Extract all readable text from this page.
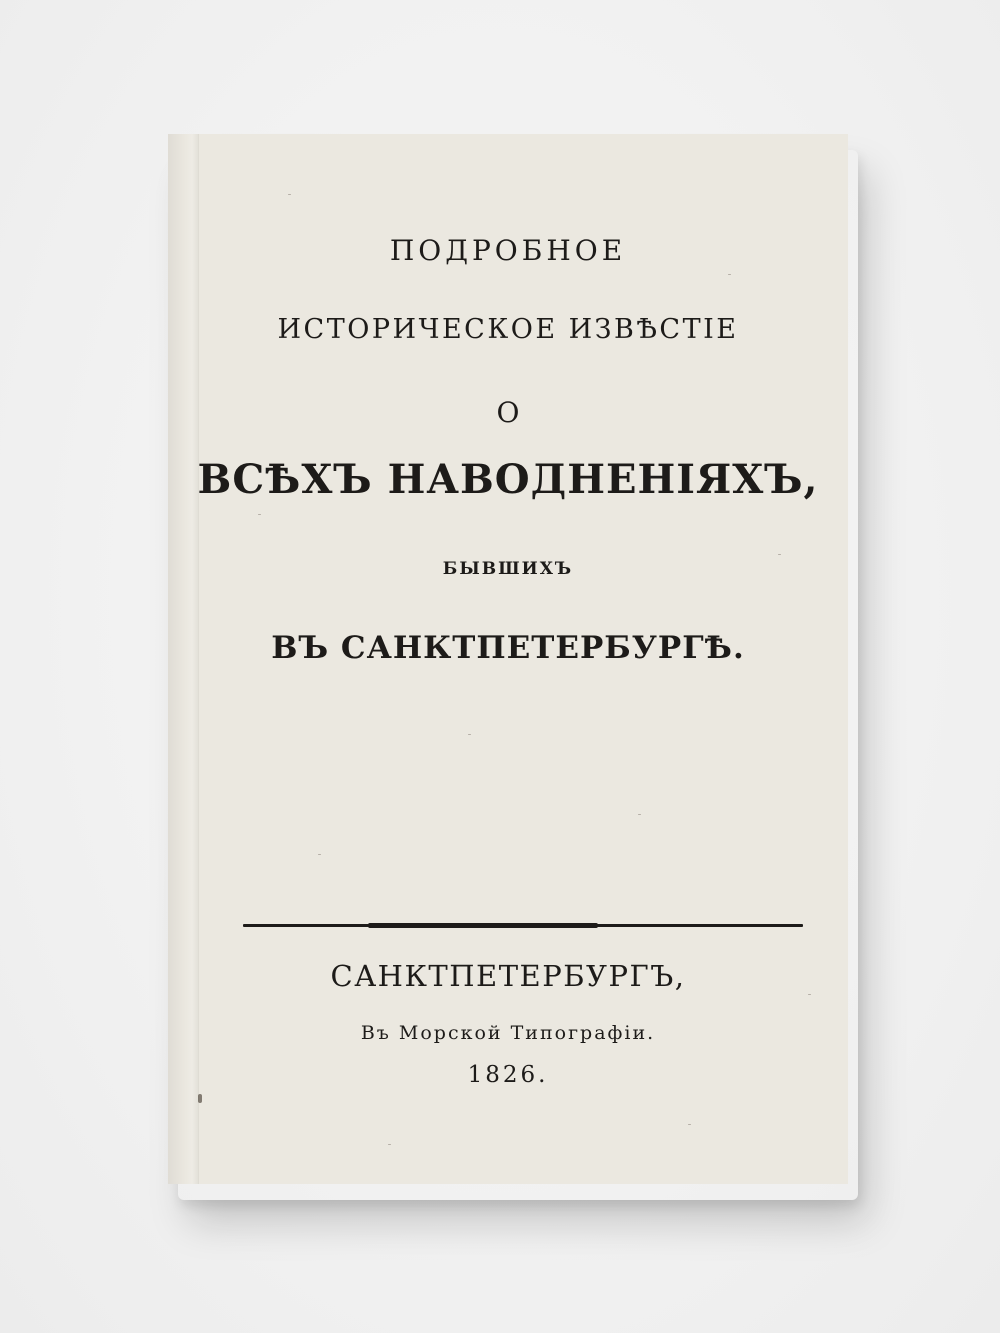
ПОДРОБНОЕ
ИСТОРИЧЕСКОЕ ИЗВѢСТІЕ
О
ВСѢХЪ НАВОДНЕНІЯХЪ,
БЫВШИХЪ
ВЪ САНКТПЕТЕРБУРГѢ.
САНКТПЕТЕРБУРГЪ,
Въ Морской Типографіи.
1826.
